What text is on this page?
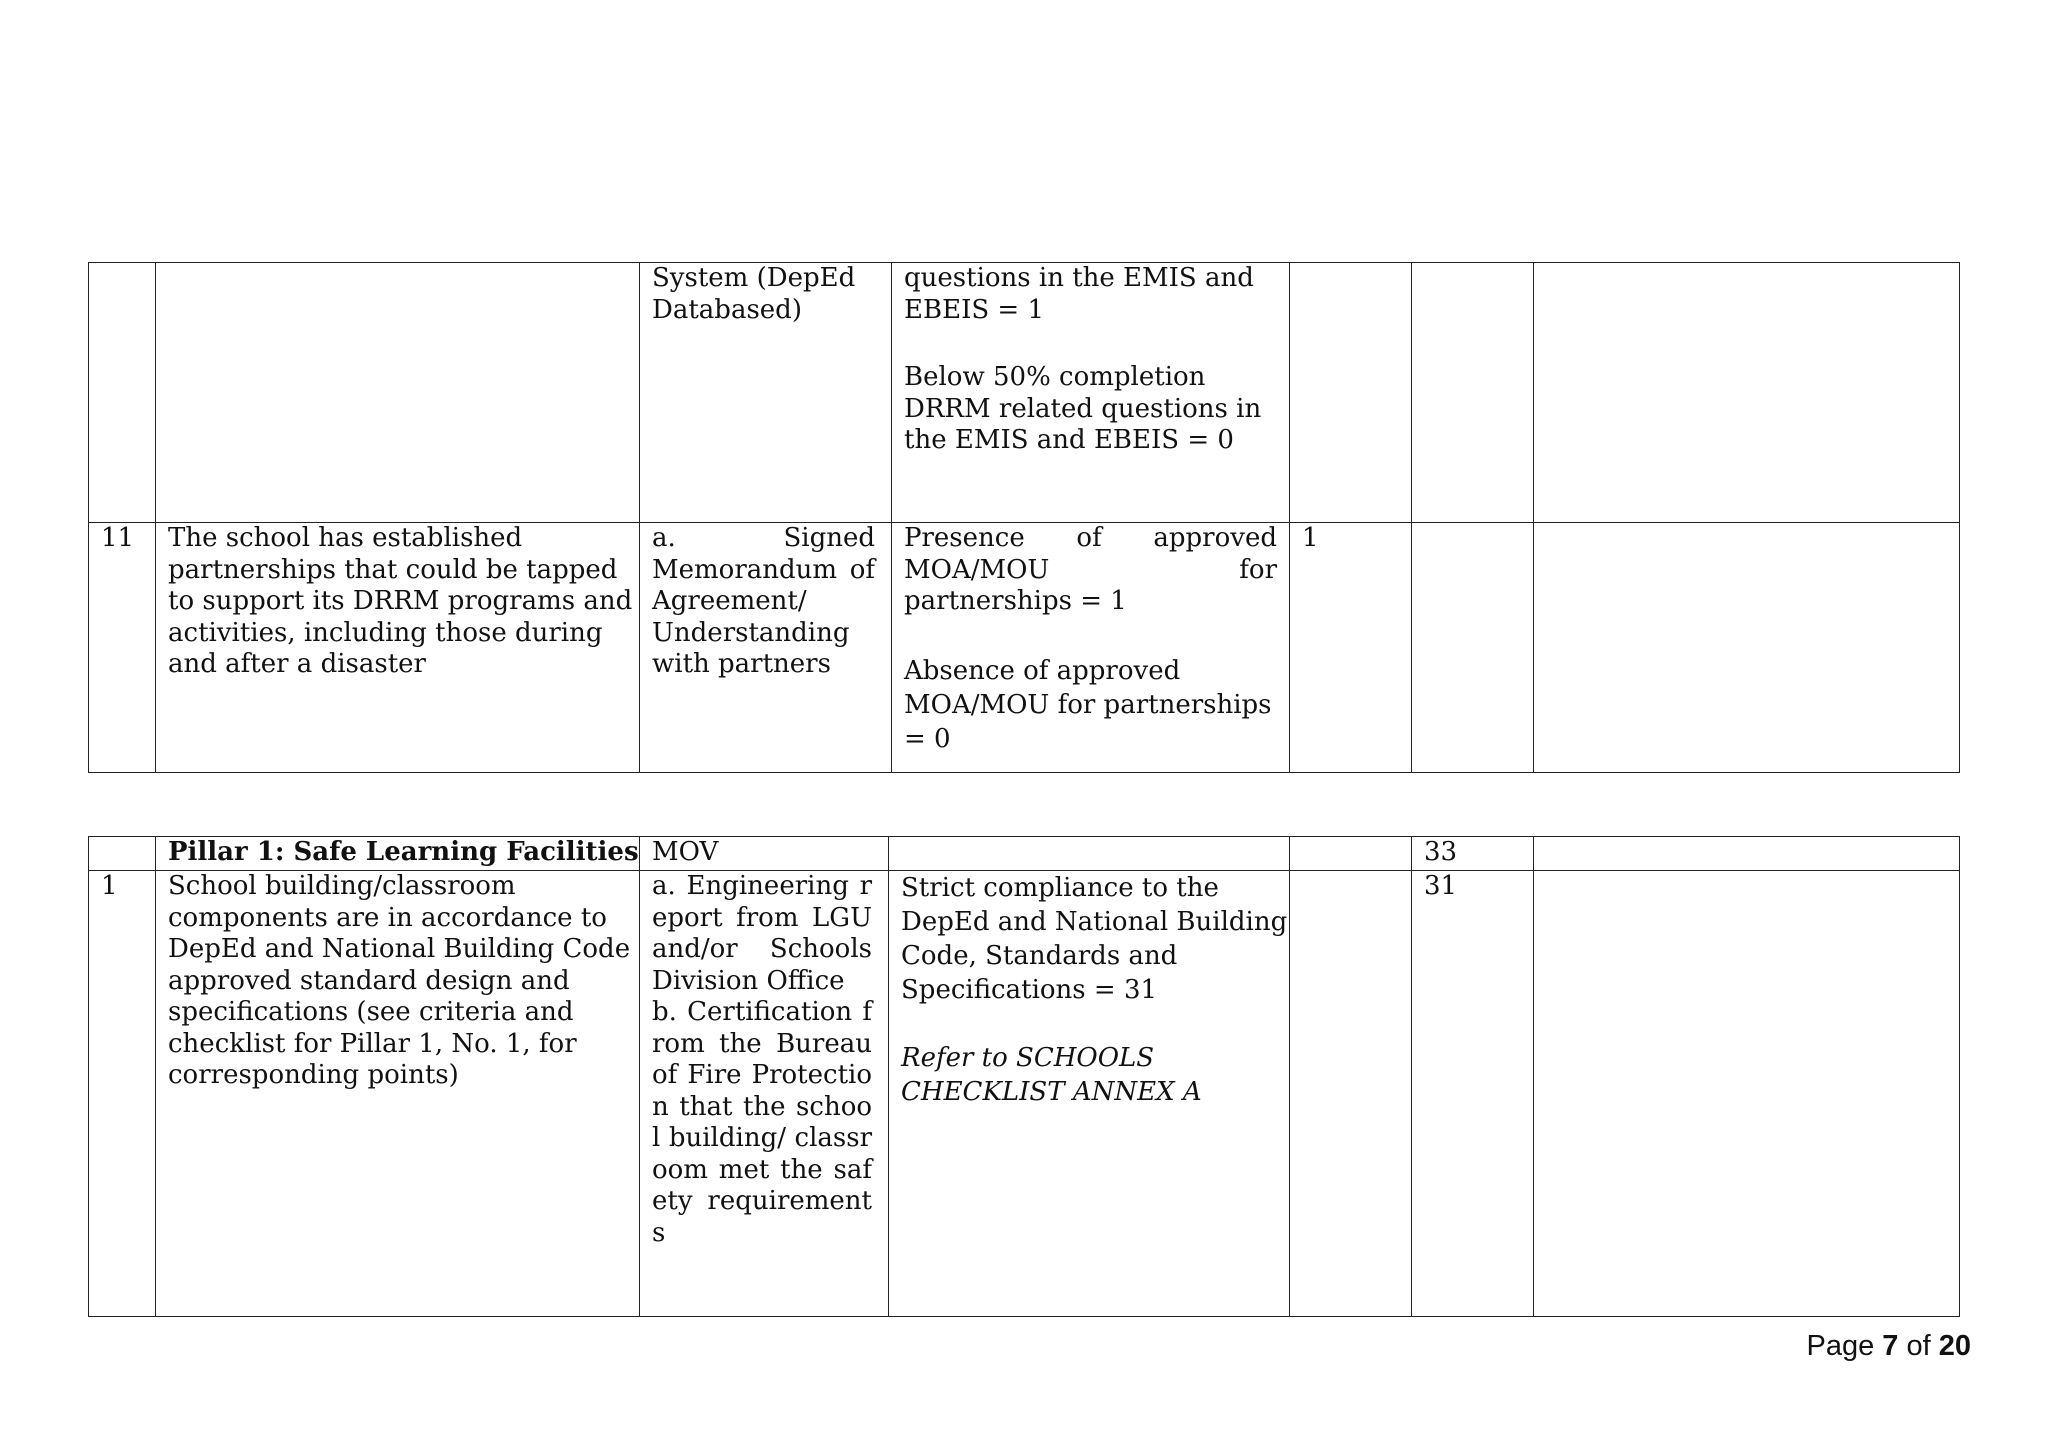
		System (DepEd Databased)	questions in the EMIS and EBEIS = 1
Below 50% completion DRRM related questions in the EMIS and EBEIS = 0			

11	The school has established partnerships that could be tapped to support its DRRM programs and activities, including those during and after a disaster	a. Signed Memorandum of Agreement/ Understanding with partners	Presence of approved
MOA/MOU for
partnerships = 1
Absence of approved MOA/MOU for partnerships = 0	1		
	Pillar 1: Safe Learning Facilities	MOV			33	
1	School building/classroom components are in accordance to DepEd and National Building Code approved standard design and specifications (see criteria and checklist for Pillar 1, No. 1, for corresponding points)	a. Engineering report from LGU and/or Schools Division Office
b. Certification from the Bureau of Fire Protection that the school building/ classroom met the safety requirements	Strict compliance to the DepEd and National Building Code, Standards and Specifications = 31
Refer to SCHOOLS CHECKLIST ANNEX A		31	
Page 7 of 20
